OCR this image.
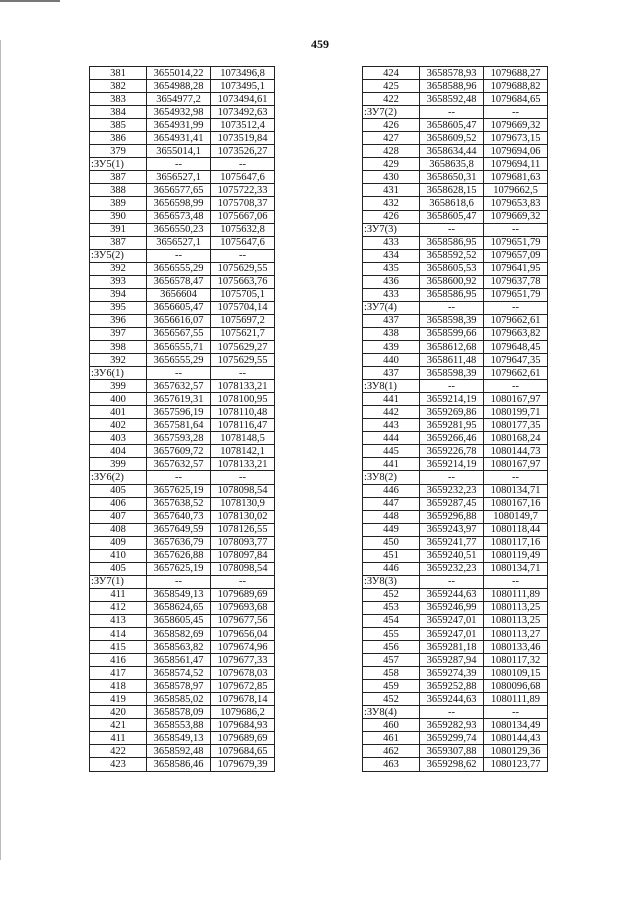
459
381	3655014,22	1073496,8
382	3654988,28	1073495,1
383	3654977,2	1073494,61
384	3654932,98	1073492,63
385	3654931,99	1073512,4
386	3654931,41	1073519,84
379	3655014,1	1073526,27
:ЗУ5(1)	--	--
387	3656527,1	1075647,6
388	3656577,65	1075722,33
389	3656598,99	1075708,37
390	3656573,48	1075667,06
391	3656550,23	1075632,8
387	3656527,1	1075647,6
:ЗУ5(2)	--	--
392	3656555,29	1075629,55
393	3656578,47	1075663,76
394	3656604	1075705,1
395	3656605,47	1075704,14
396	3656616,07	1075697,2
397	3656567,55	1075621,7
398	3656555,71	1075629,27
392	3656555,29	1075629,55
:ЗУ6(1)	--	--
399	3657632,57	1078133,21
400	3657619,31	1078100,95
401	3657596,19	1078110,48
402	3657581,64	1078116,47
403	3657593,28	1078148,5
404	3657609,72	1078142,1
399	3657632,57	1078133,21
:ЗУ6(2)	--	--
405	3657625,19	1078098,54
406	3657638,52	1078130,9
407	3657640,73	1078130,02
408	3657649,59	1078126,55
409	3657636,79	1078093,77
410	3657626,88	1078097,84
405	3657625,19	1078098,54
:ЗУ7(1)	--	--
411	3658549,13	1079689,69
412	3658624,65	1079693,68
413	3658605,45	1079677,56
414	3658582,69	1079656,04
415	3658563,82	1079674,96
416	3658561,47	1079677,33
417	3658574,52	1079678,03
418	3658578,97	1079672,85
419	3658585,02	1079678,14
420	3658578,09	1079686,2
421	3658553,88	1079684,93
411	3658549,13	1079689,69
422	3658592,48	1079684,65
423	3658586,46	1079679,39
424	3658578,93	1079688,27
425	3658588,96	1079688,82
422	3658592,48	1079684,65
:ЗУ7(2)	--	--
426	3658605,47	1079669,32
427	3658609,52	1079673,15
428	3658634,44	1079694,06
429	3658635,8	1079694,11
430	3658650,31	1079681,63
431	3658628,15	1079662,5
432	3658618,6	1079653,83
426	3658605,47	1079669,32
:ЗУ7(3)	--	--
433	3658586,95	1079651,79
434	3658592,52	1079657,09
435	3658605,53	1079641,95
436	3658600,92	1079637,78
433	3658586,95	1079651,79
:ЗУ7(4)	--	--
437	3658598,39	1079662,61
438	3658599,66	1079663,82
439	3658612,68	1079648,45
440	3658611,48	1079647,35
437	3658598,39	1079662,61
:ЗУ8(1)	--	--
441	3659214,19	1080167,97
442	3659269,86	1080199,71
443	3659281,95	1080177,35
444	3659266,46	1080168,24
445	3659226,78	1080144,73
441	3659214,19	1080167,97
:ЗУ8(2)	--	--
446	3659232,23	1080134,71
447	3659287,45	1080167,16
448	3659296,88	1080149,7
449	3659243,97	1080118,44
450	3659241,77	1080117,16
451	3659240,51	1080119,49
446	3659232,23	1080134,71
:ЗУ8(3)	--	--
452	3659244,63	1080111,89
453	3659246,99	1080113,25
454	3659247,01	1080113,25
455	3659247,01	1080113,27
456	3659281,18	1080133,46
457	3659287,94	1080117,32
458	3659274,39	1080109,15
459	3659252,88	1080096,68
452	3659244,63	1080111,89
:ЗУ8(4)	--	--
460	3659282,93	1080134,49
461	3659299,74	1080144,43
462	3659307,88	1080129,36
463	3659298,62	1080123,77
